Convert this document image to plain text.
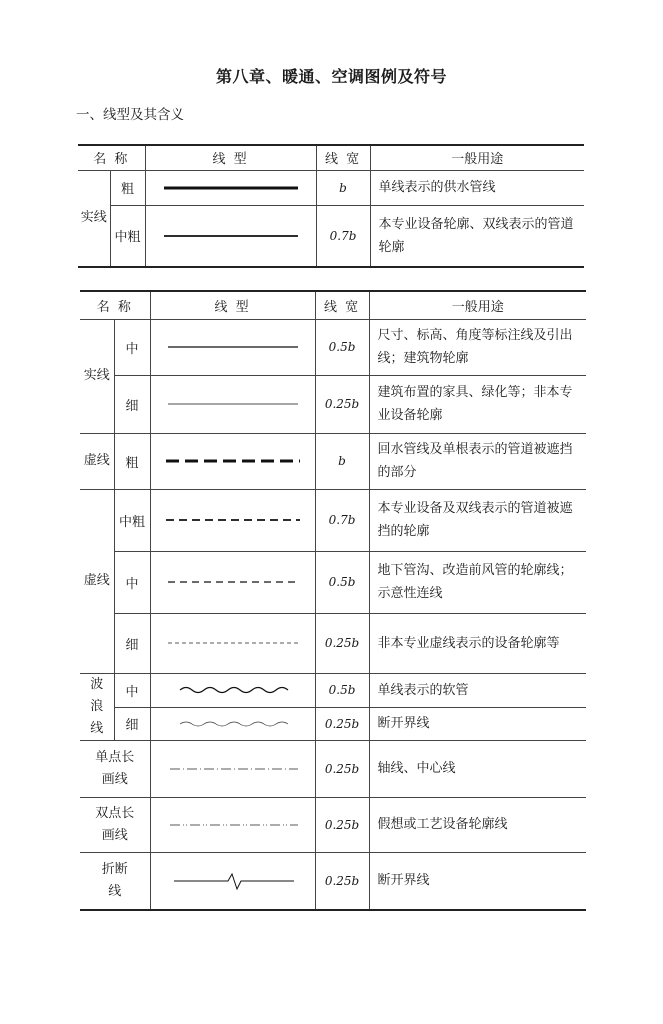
第八章、暖通、空调图例及符号
一、线型及其含义
名 称		线 型	线 宽	一般用途
实线	粗		b	单线表示的供水管线
	中粗		0.7b	本专业设备轮廓、双线表示的管道轮廓
名 称		线 型	线 宽	一般用途
实线	中		0.5b	尺寸、标高、角度等标注线及引出线；建筑物轮廓
	细		0.25b	建筑布置的家具、绿化等；非本专业设备轮廓
虚线	粗		b	回水管线及单根表示的管道被遮挡的部分
虚线	中粗		0.7b	本专业设备及双线表示的管道被遮挡的轮廓
	中		0.5b	地下管沟、改造前风管的轮廓线；示意性连线
	细		0.25b	非本专业虚线表示的设备轮廓等
波浪线	中		0.5b	单线表示的软管
	细		0.25b	断开界线
单点长画线			0.25b	轴线、中心线
双点长画线			0.25b	假想或工艺设备轮廓线
折断线			0.25b	断开界线
